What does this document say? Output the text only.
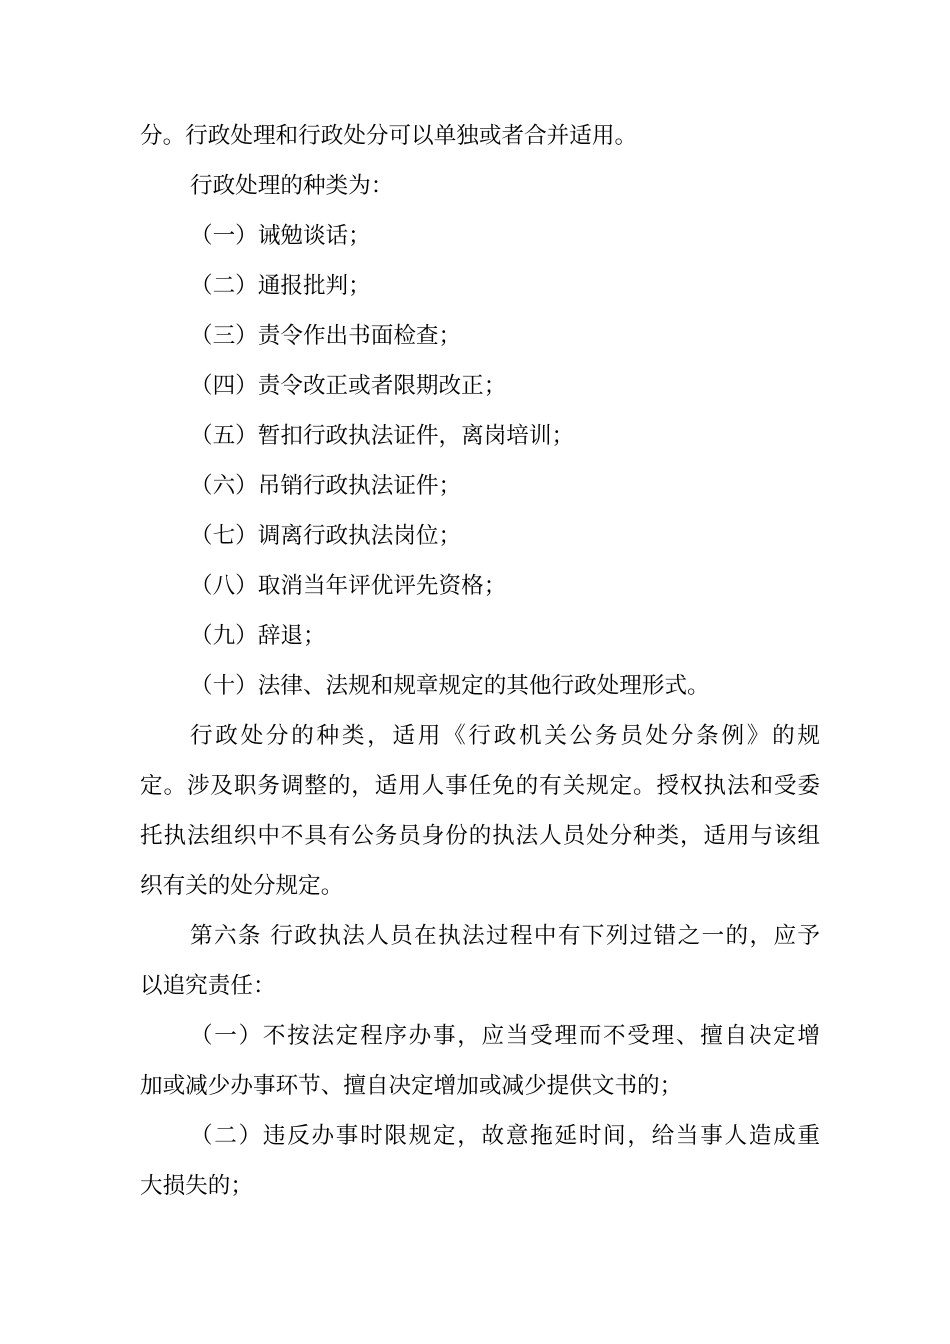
分。行政处理和行政处分可以单独或者合并适用。
行政处理的种类为：
（一）诫勉谈话；
（二）通报批判；
（三）责令作出书面检查；
（四）责令改正或者限期改正；
（五）暂扣行政执法证件，离岗培训；
（六）吊销行政执法证件；
（七）调离行政执法岗位；
（八）取消当年评优评先资格；
（九）辞退；
（十）法律、法规和规章规定的其他行政处理形式。
行政处分的种类，适用《行政机关公务员处分条例》的规
定。涉及职务调整的，适用人事任免的有关规定。授权执法和受委
托执法组织中不具有公务员身份的执法人员处分种类，适用与该组
织有关的处分规定。
第六条 行政执法人员在执法过程中有下列过错之一的，应予
以追究责任：
（一）不按法定程序办事，应当受理而不受理、擅自决定增
加或减少办事环节、擅自决定增加或减少提供文书的；
（二）违反办事时限规定，故意拖延时间，给当事人造成重
大损失的；
